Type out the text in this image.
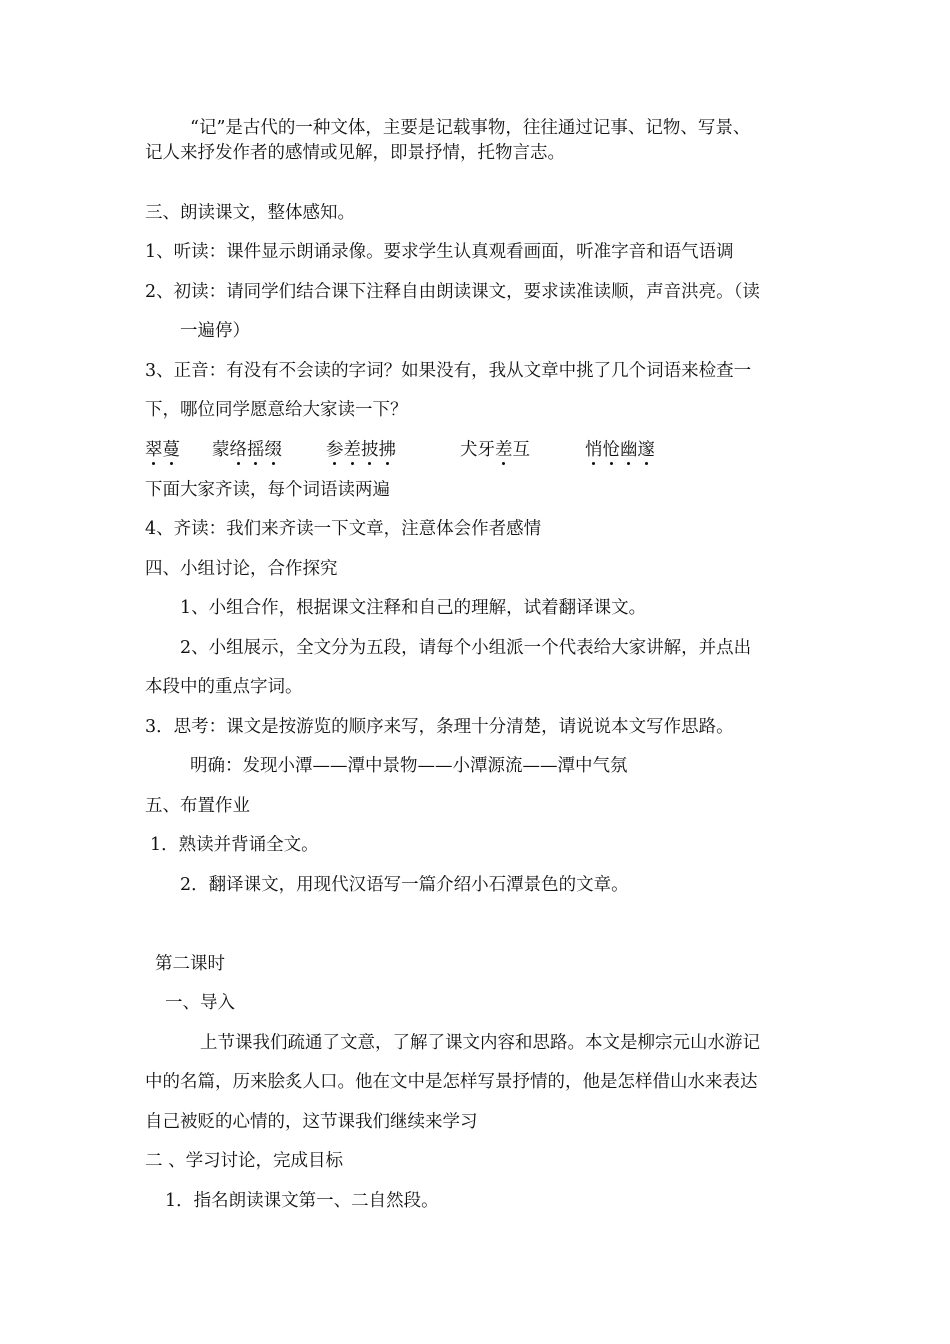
“记”是古代的一种文体，主要是记载事物，往往通过记事、记物、写景、
记人来抒发作者的感情或见解，即景抒情，托物言志。
三、朗读课文，整体感知。
1、听读：课件显示朗诵录像。要求学生认真观看画面，听准字音和语气语调
2、初读：请同学们结合课下注释自由朗读课文，要求读准读顺，声音洪亮。（读
一遍停）
3、正音：有没有不会读的字词？如果没有，我从文章中挑了几个词语来检查一
下，哪位同学愿意给大家读一下？
翠蔓 蒙络摇缀	参差披拂	犬牙差互	悄怆幽邃
下面大家齐读，每个词语读两遍
4、齐读：我们来齐读一下文章，注意体会作者感情
四、小组讨论，合作探究
1、小组合作，根据课文注释和自己的理解，试着翻译课文。
2、小组展示，全文分为五段，请每个小组派一个代表给大家讲解，并点出
本段中的重点字词。
3．思考：课文是按游览的顺序来写，条理十分清楚，请说说本文写作思路。
明确：发现小潭——潭中景物——小潭源流——潭中气氛
五、布置作业
1．熟读并背诵全文。
2．翻译课文，用现代汉语写一篇介绍小石潭景色的文章。
第二课时
一、导入
上节课我们疏通了文意，了解了课文内容和思路。本文是柳宗元山水游记
中的名篇，历来脍炙人口。他在文中是怎样写景抒情的，他是怎样借山水来表达
自己被贬的心情的，这节课我们继续来学习
二 、学习讨论，完成目标
1．指名朗读课文第一、二自然段。
